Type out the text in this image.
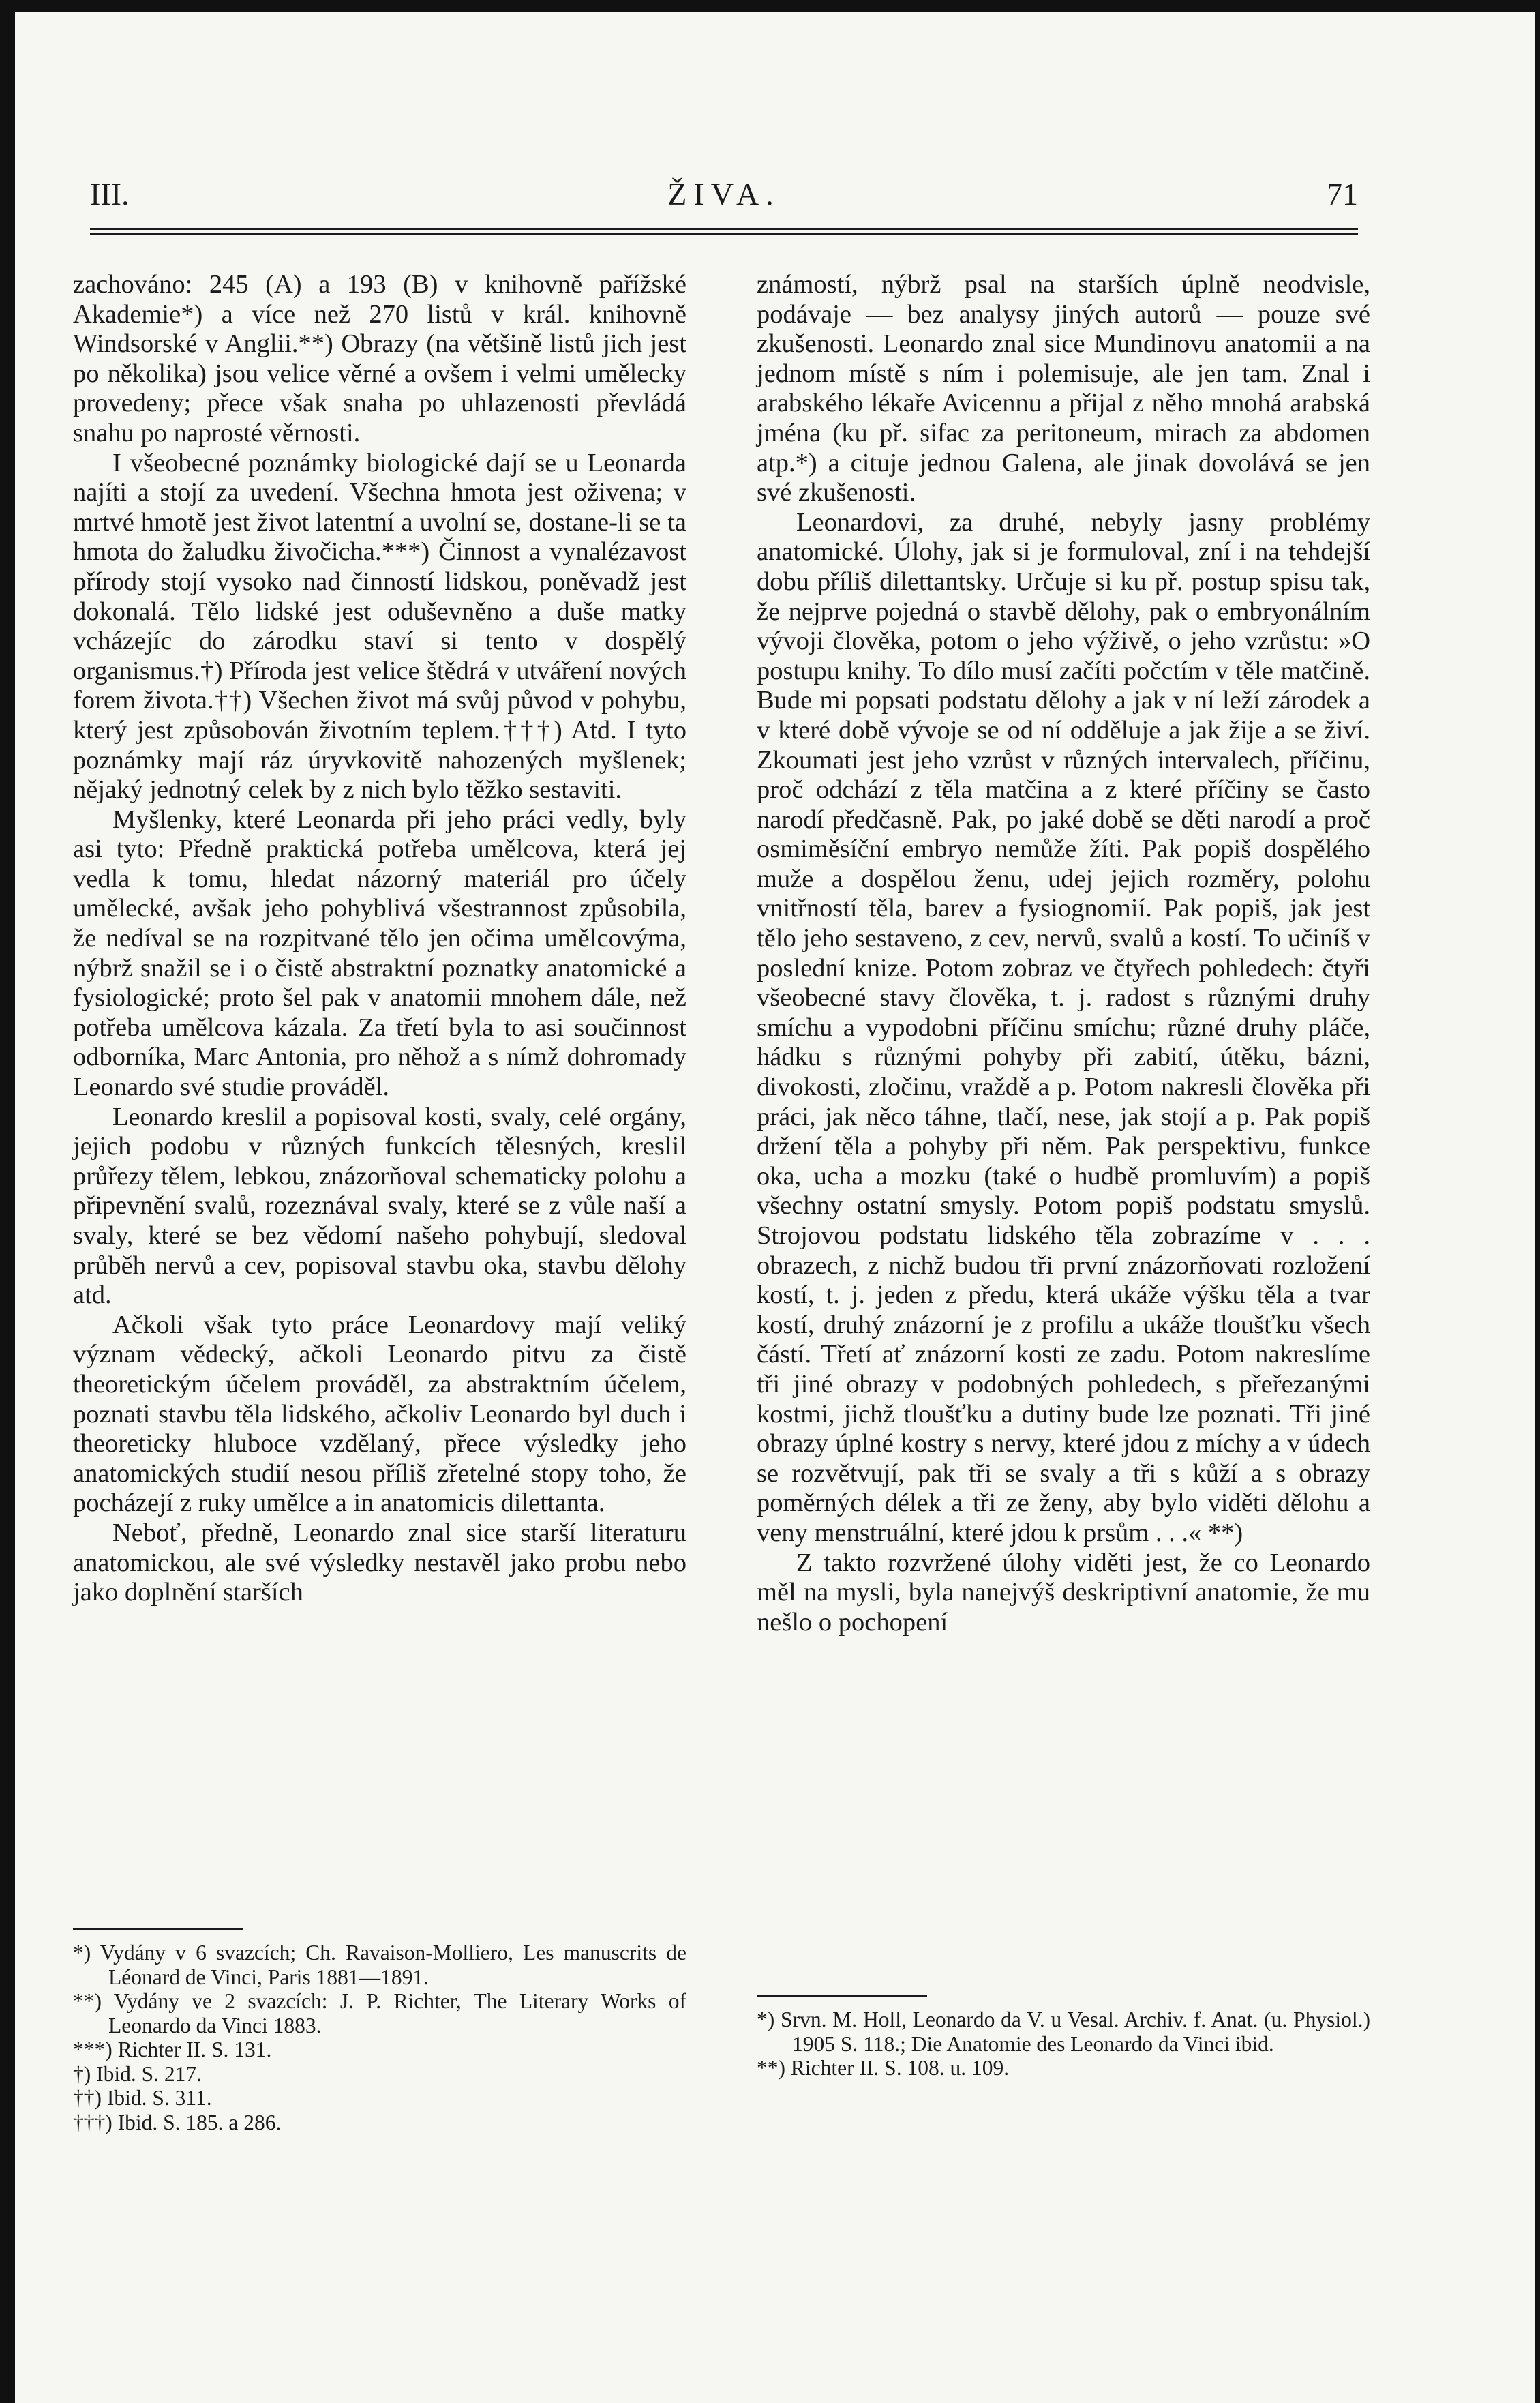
III.	ŽIVA.	71

zachováno: 245 (A) a 193 (B) v knihovně pařížské Akademie*) a více než 270 listů v král. knihovně Windsorské v Anglii.**) Obrazy (na většině listů jich jest po několika) jsou velice věrné a ovšem i velmi umělecky provedeny; přece však snaha po uhlazenosti převládá snahu po naprosté věrnosti.

I všeobecné poznámky biologické dají se u Leonarda najíti a stojí za uvedení. Všechna hmota jest oživena; v mrtvé hmotě jest život latentní a uvolní se, dostane-li se ta hmota do žaludku živočicha.***) Činnost a vynalézavost přírody stojí vysoko nad činností lidskou, poněvadž jest dokonalá. Tělo lidské jest oduševněno a duše matky vcházejíc do zárodku staví si tento v dospělý organismus.†) Příroda jest velice štědrá v utváření nových forem života.††) Všechen život má svůj původ v pohybu, který jest způsobován životním teplem.†††) Atd. I tyto poznámky mají ráz úryvkovitě nahozených myšlenek; nějaký jednotný celek by z nich bylo těžko sestaviti.

Myšlenky, které Leonarda při jeho práci vedly, byly asi tyto: Předně praktická potřeba umělcova, která jej vedla k tomu, hledat názorný materiál pro účely umělecké, avšak jeho pohyblivá všestrannost způsobila, že nedíval se na rozpitvané tělo jen očima umělcovýma, nýbrž snažil se i o čistě abstraktní poznatky anatomické a fysiologické; proto šel pak v anatomii mnohem dále, než potřeba umělcova kázala. Za třetí byla to asi součinnost odborníka, Marc Antonia, pro něhož a s nímž dohromady Leonardo své studie prováděl.

Leonardo kreslil a popisoval kosti, svaly, celé orgány, jejich podobu v různých funkcích tělesných, kreslil průřezy tělem, lebkou, znázorňoval schematicky polohu a připevnění svalů, rozeznával svaly, které se z vůle naší a svaly, které se bez vědomí našeho pohybují, sledoval průběh nervů a cev, popisoval stavbu oka, stavbu dělohy atd.

Ačkoli však tyto práce Leonardovy mají veliký význam vědecký, ačkoli Leonardo pitvu za čistě theoretickým účelem prováděl, za abstraktním účelem, poznati stavbu těla lidského, ačkoliv Leonardo byl duch i theoreticky hluboce vzdělaný, přece výsledky jeho anatomických studií nesou příliš zřetelné stopy toho, že pocházejí z ruky umělce a in anatomicis dilettanta.

Neboť, předně, Leonardo znal sice starší literaturu anatomickou, ale své výsledky nestavěl jako probu nebo jako doplnění starších

známostí, nýbrž psal na starších úplně neodvisle, podávaje — bez analysy jiných autorů — pouze své zkušenosti. Leonardo znal sice Mundinovu anatomii a na jednom místě s ním i polemisuje, ale jen tam. Znal i arabského lékaře Avicennu a přijal z něho mnohá arabská jména (ku př. sifac za peritoneum, mirach za abdomen atp.*) a cituje jednou Galena, ale jinak dovolává se jen své zkušenosti.

Leonardovi, za druhé, nebyly jasny problémy anatomické. Úlohy, jak si je formuloval, zní i na tehdejší dobu příliš dilettantsky. Určuje si ku př. postup spisu tak, že nejprve pojedná o stavbě dělohy, pak o embryonálním vývoji člověka, potom o jeho výživě, o jeho vzrůstu: »O postupu knihy. To dílo musí začíti počctím v těle matčině. Bude mi popsati podstatu dělohy a jak v ní leží zárodek a v které době vývoje se od ní odděluje a jak žije a se živí. Zkoumati jest jeho vzrůst v různých intervalech, příčinu, proč odchází z těla matčina a z které příčiny se často narodí předčasně. Pak, po jaké době se děti narodí a proč osmiměsíční embryo nemůže žíti. Pak popiš dospělého muže a dospělou ženu, udej jejich rozměry, polohu vnitřností těla, barev a fysiognomií. Pak popiš, jak jest tělo jeho sestaveno, z cev, nervů, svalů a kostí. To učiníš v poslední knize. Potom zobraz ve čtyřech pohledech: čtyři všeobecné stavy člověka, t. j. radost s různými druhy smíchu a vypodobni příčinu smíchu; různé druhy pláče, hádku s různými pohyby při zabití, útěku, bázni, divokosti, zločinu, vraždě a p. Potom nakresli člověka při práci, jak něco táhne, tlačí, nese, jak stojí a p. Pak popiš držení těla a pohyby při něm. Pak perspektivu, funkce oka, ucha a mozku (také o hudbě promluvím) a popiš všechny ostatní smysly. Potom popiš podstatu smyslů. Strojovou podstatu lidského těla zobrazíme v . . . obrazech, z nichž budou tři první znázorňovati rozložení kostí, t. j. jeden z předu, která ukáže výšku těla a tvar kostí, druhý znázorní je z profilu a ukáže tloušťku všech částí. Třetí ať znázorní kosti ze zadu. Potom nakreslíme tři jiné obrazy v podobných pohledech, s přeřezanými kostmi, jichž tloušťku a dutiny bude lze poznati. Tři jiné obrazy úplné kostry s nervy, které jdou z míchy a v údech se rozvětvují, pak tři se svaly a tři s kůží a s obrazy poměrných délek a tři ze ženy, aby bylo viděti dělohu a veny menstruální, které jdou k prsům . . .« **)

Z takto rozvržené úlohy viděti jest, že co Leonardo měl na mysli, byla nanejvýš deskriptivní anatomie, že mu nešlo o pochopení

*) Vydány v 6 svazcích; Ch. Ravaison-Molliero, Les manuscrits de Léonard de Vinci, Paris 1881—1891.

**) Vydány ve 2 svazcích: J. P. Richter, The Literary Works of Leonardo da Vinci 1883.

***) Richter II. S. 131.

†) Ibid. S. 217.

††) Ibid. S. 311.

†††) Ibid. S. 185. a 286.

*) Srvn. M. Holl, Leonardo da V. u Vesal. Archiv. f. Anat. (u. Physiol.) 1905 S. 118.; Die Anatomie des Leonardo da Vinci ibid.

**) Richter II. S. 108. u. 109.
